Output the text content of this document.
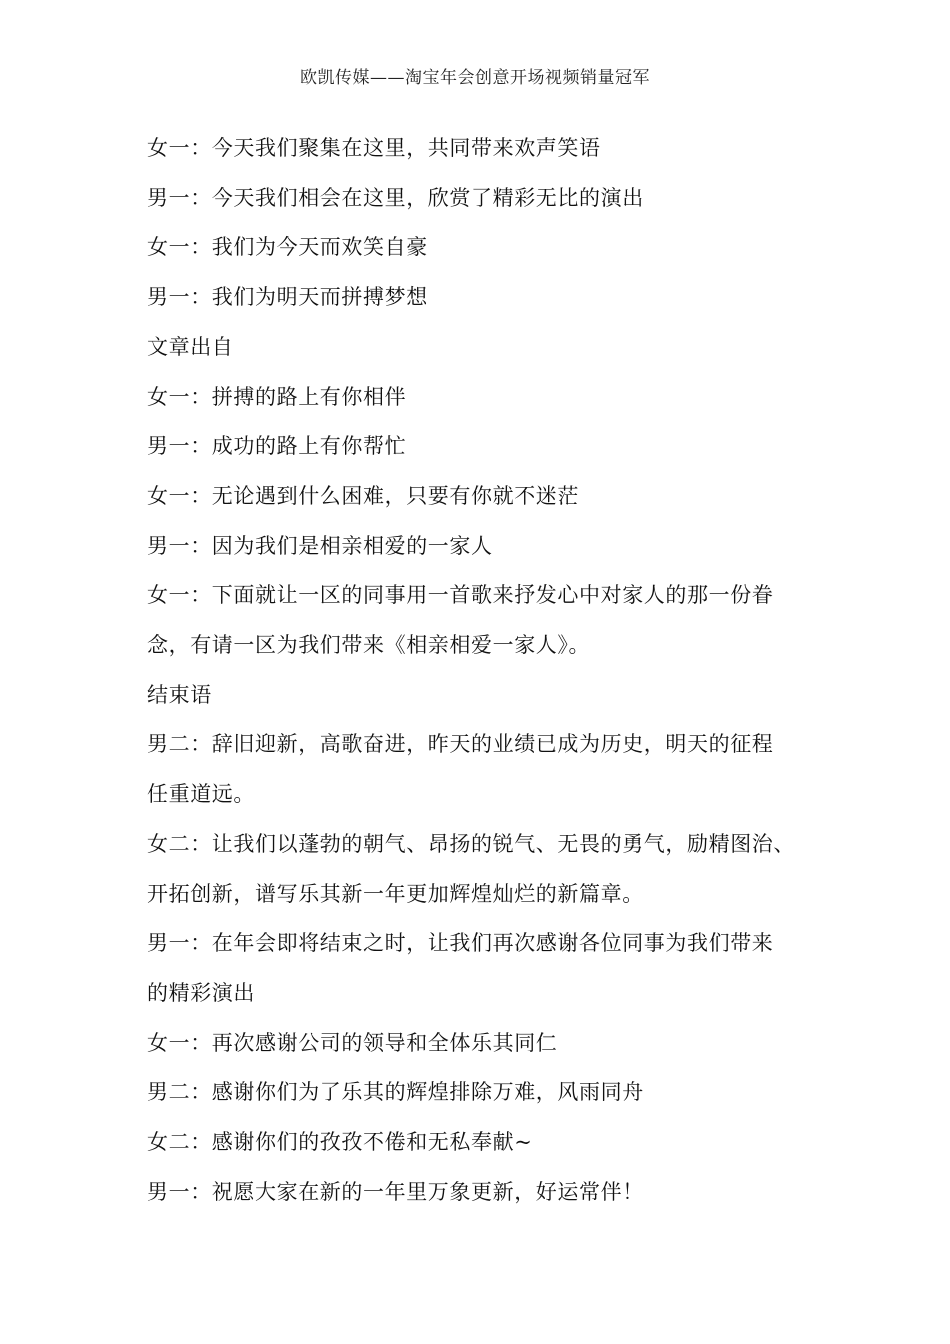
欧凯传媒——淘宝年会创意开场视频销量冠军

女一：今天我们聚集在这里，共同带来欢声笑语

男一：今天我们相会在这里，欣赏了精彩无比的演出

女一：我们为今天而欢笑自豪

男一：我们为明天而拼搏梦想

文章出自

女一：拼搏的路上有你相伴

男一：成功的路上有你帮忙

女一：无论遇到什么困难，只要有你就不迷茫

男一：因为我们是相亲相爱的一家人

女一：下面就让一区的同事用一首歌来抒发心中对家人的那一份眷

念，有请一区为我们带来《相亲相爱一家人》。

结束语

男二：辞旧迎新，高歌奋进，昨天的业绩已成为历史，明天的征程

任重道远。

女二：让我们以蓬勃的朝气、昂扬的锐气、无畏的勇气，励精图治、

开拓创新，谱写乐其新一年更加辉煌灿烂的新篇章。

男一：在年会即将结束之时，让我们再次感谢各位同事为我们带来

的精彩演出

女一：再次感谢公司的领导和全体乐其同仁

男二：感谢你们为了乐其的辉煌排除万难，风雨同舟

女二：感谢你们的孜孜不倦和无私奉献~

男一：祝愿大家在新的一年里万象更新，好运常伴！
